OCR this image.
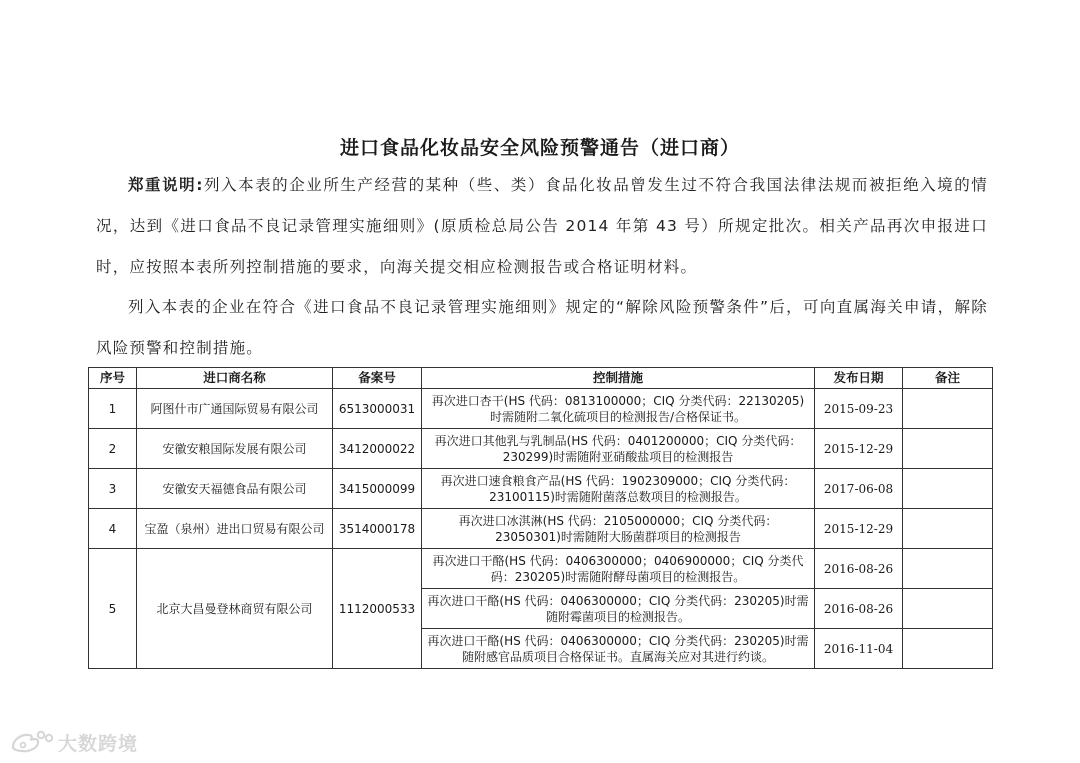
进口食品化妆品安全风险预警通告（进口商）
郑重说明:列入本表的企业所生产经营的某种（些、类）食品化妆品曾发生过不符合我国法律法规而被拒绝入境的情况，达到《进口食品不良记录管理实施细则》(原质检总局公告 2014 年第 43 号）所规定批次。相关产品再次申报进口时，应按照本表所列控制措施的要求，向海关提交相应检测报告或合格证明材料。
列入本表的企业在符合《进口食品不良记录管理实施细则》规定的“解除风险预警条件”后，可向直属海关申请，解除风险预警和控制措施。
序号	进口商名称	备案号	控制措施	发布日期	备注
1	阿图什市广通国际贸易有限公司	6513000031	再次进口杏干(HS 代码：0813100000；CIQ 分类代码：22130205)时需随附二氧化硫项目的检测报告/合格保证书。	2015-09-23	
2	安徽安粮国际发展有限公司	3412000022	再次进口其他乳与乳制品(HS 代码：0401200000；CIQ 分类代码：230299)时需随附亚硝酸盐项目的检测报告	2015-12-29	
3	安徽安天福德食品有限公司	3415000099	再次进口速食粮食产品(HS 代码：1902309000；CIQ 分类代码：23100115)时需随附菌落总数项目的检测报告。	2017-06-08	
4	宝盈（泉州）进出口贸易有限公司	3514000178	再次进口冰淇淋(HS 代码：2105000000；CIQ 分类代码：23050301)时需随附大肠菌群项目的检测报告	2015-12-29	
5	北京大昌曼登林商贸有限公司	1112000533	再次进口干酪(HS 代码：0406300000；0406900000；CIQ 分类代码：230205)时需随附酵母菌项目的检测报告。	2016-08-26	
			再次进口干酪(HS 代码：0406300000；CIQ 分类代码：230205)时需随附霉菌项目的检测报告。	2016-08-26	
			再次进口干酪(HS 代码：0406300000；CIQ 分类代码：230205)时需随附感官品质项目合格保证书。直属海关应对其进行约谈。	2016-11-04	
大数跨境
